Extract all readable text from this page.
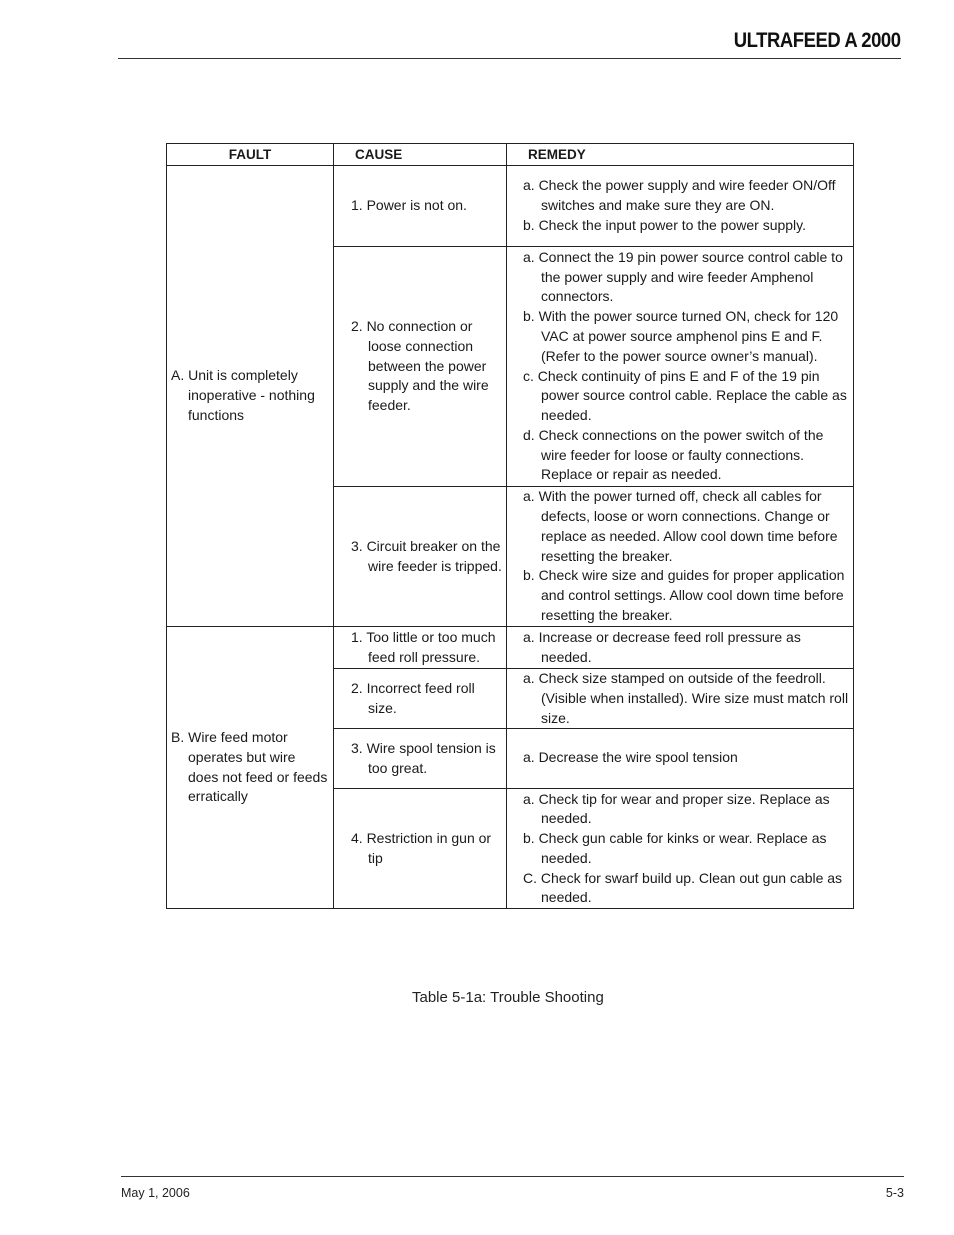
ULTRAFEED A 2000
FAULT	CAUSE	REMEDY

A. Unit is completely inoperative - nothing functions	1. Power is not on.	a. Check the power supply and wire feeder ON/Off switches and make sure they are ON.
b. Check the input power to the power supply.

	2. No connection or loose connection between the power supply and the wire feeder.	a. Connect the 19 pin power source control cable to the power supply and wire feeder Amphenol connectors.
b. With the power source turned ON, check for 120 VAC at power source amphenol pins E and F. (Refer to the power source owner’s manual).
c. Check continuity of pins E and F of the 19 pin power source control cable. Replace the cable as needed.
d. Check connections on the power switch of the wire feeder for loose or faulty connections. Replace or repair as needed.

	3. Circuit breaker on the wire feeder is tripped.	a. With the power turned off, check all cables for defects, loose or worn connections. Change or replace as needed. Allow cool down time before resetting the breaker.
b. Check wire size and guides for proper application and control settings. Allow cool down time before resetting the breaker.

B. Wire feed motor operates but wire does not feed or feeds erratically	1. Too little or too much feed roll pressure.	a. Increase or decrease feed roll pressure as needed.

	2. Incorrect feed roll size.	a. Check size stamped on outside of the feedroll. (Visible when installed). Wire size must match roll size.

	3. Wire spool tension is too great.	a. Decrease the wire spool tension

	4. Restriction in gun or tip	a. Check tip for wear and proper size. Replace as needed.
b. Check gun cable for kinks or wear. Replace as needed.
C. Check for swarf build up. Clean out gun cable as needed.
Table 5-1a: Trouble Shooting
May 1, 2006	5-3
